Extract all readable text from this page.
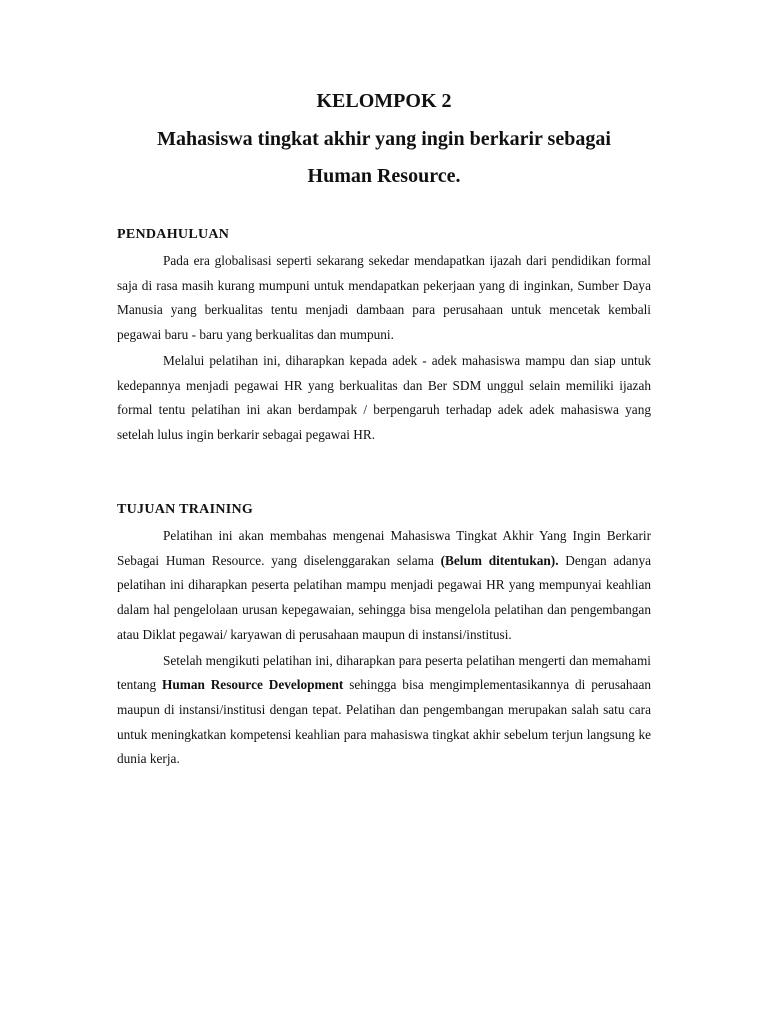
KELOMPOK 2
Mahasiswa tingkat akhir yang ingin berkarir sebagai
Human Resource.

PENDAHULUAN

Pada era globalisasi seperti sekarang sekedar mendapatkan ijazah dari pendidikan formal saja di rasa masih kurang mumpuni untuk mendapatkan pekerjaan yang di inginkan, Sumber Daya Manusia yang berkualitas tentu menjadi dambaan para perusahaan untuk mencetak kembali pegawai baru - baru yang berkualitas dan mumpuni.

Melalui pelatihan ini, diharapkan kepada adek - adek mahasiswa mampu dan siap untuk kedepannya menjadi pegawai HR yang berkualitas dan Ber SDM unggul selain memiliki ijazah formal tentu pelatihan ini akan berdampak / berpengaruh terhadap adek adek mahasiswa yang setelah lulus ingin berkarir sebagai pegawai HR.

TUJUAN TRAINING

Pelatihan ini akan membahas mengenai Mahasiswa Tingkat Akhir Yang Ingin Berkarir Sebagai Human Resource. yang diselenggarakan selama (Belum ditentukan). Dengan adanya pelatihan ini diharapkan peserta pelatihan mampu menjadi pegawai HR yang mempunyai keahlian dalam hal pengelolaan urusan kepegawaian, sehingga bisa mengelola pelatihan dan pengembangan atau Diklat pegawai/ karyawan di perusahaan maupun di instansi/institusi.

Setelah mengikuti pelatihan ini, diharapkan para peserta pelatihan mengerti dan memahami tentang Human Resource Development sehingga bisa mengimplementasikannya di perusahaan maupun di instansi/institusi dengan tepat. Pelatihan dan pengembangan merupakan salah satu cara untuk meningkatkan kompetensi keahlian para mahasiswa tingkat akhir sebelum terjun langsung ke dunia kerja.
